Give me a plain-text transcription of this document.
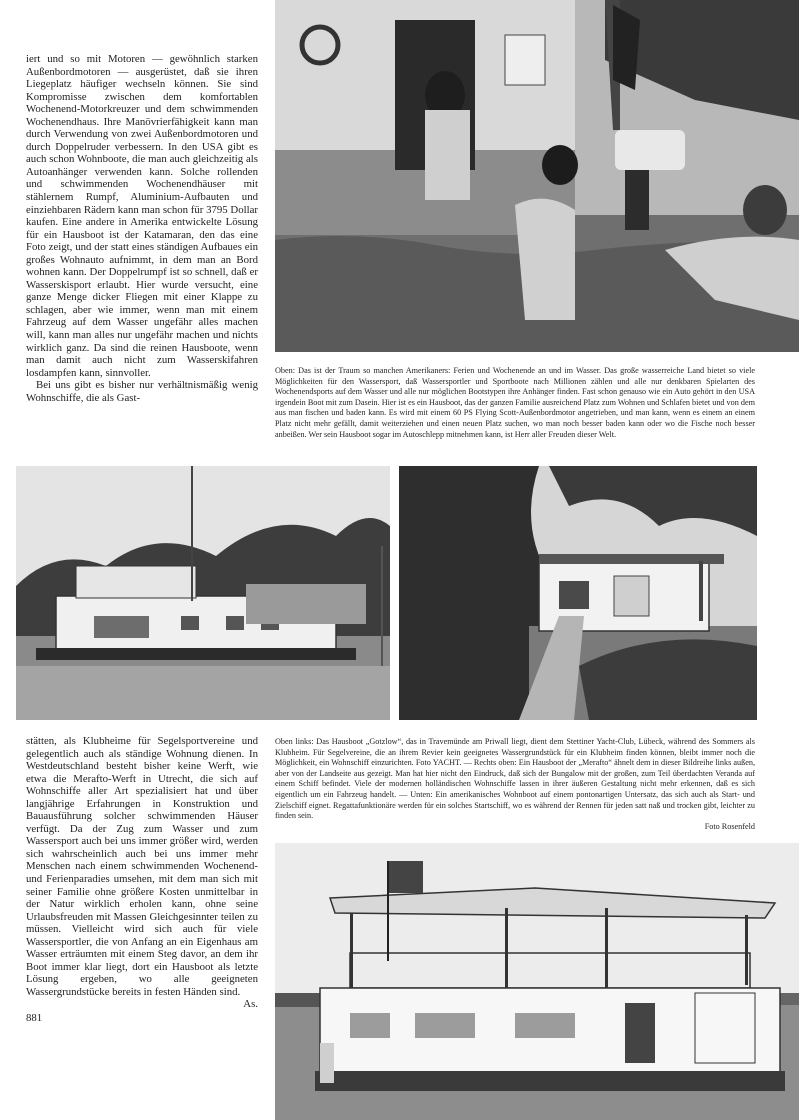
iert und so mit Motoren — gewöhnlich starken Außenbordmotoren — ausgerüstet, daß sie ihren Liegeplatz häufiger wechseln können. Sie sind Kompromisse zwischen dem komfortablen Wochenend-Motorkreuzer und dem schwimmenden Wochenendhaus. Ihre Manövrierfähigkeit kann man durch Verwendung von zwei Außenbordmotoren und durch Doppelruder verbessern. In den USA gibt es auch schon Wohnboote, die man auch gleichzeitig als Autoanhänger verwenden kann. Solche rollenden und schwimmenden Wochenendhäuser mit stählernem Rumpf, Aluminium-Aufbauten und einziehbaren Rädern kann man schon für 3795 Dollar kaufen. Eine andere in Amerika entwickelte Lösung für ein Hausboot ist der Katamaran, den das eine Foto zeigt, und der statt eines ständigen Aufbaues ein großes Wohnauto aufnimmt, in dem man an Bord wohnen kann. Der Doppelrumpf ist so schnell, daß er Wasserskisport erlaubt. Hier wurde versucht, eine ganze Menge dicker Fliegen mit einer Klappe zu schlagen, aber wie immer, wenn man mit einem Fahrzeug auf dem Wasser ungefähr alles machen will, kann man alles nur ungefähr machen und nichts wirklich ganz. Da sind die reinen Hausboote, wenn man damit auch nicht zum Wasserskifahren losdampfen kann, sinnvoller.

Bei uns gibt es bisher nur verhältnismäßig wenig Wohnschiffe, die als Gast-

Oben: Das ist der Traum so manchen Amerikaners: Ferien und Wochenende an und im Wasser. Das große wasserreiche Land bietet so viele Möglichkeiten für den Wassersport, daß Wassersportler und Sportboote nach Millionen zählen und alle nur denkbaren Spielarten des Wochenendsports auf dem Wasser und alle nur möglichen Bootstypen ihre Anhänger finden. Fast schon genauso wie ein Auto gehört in den USA irgendein Boot mit zum Dasein. Hier ist es ein Hausboot, das der ganzen Familie ausreichend Platz zum Wohnen und Schlafen bietet und von dem aus man fischen und baden kann. Es wird mit einem 60 PS Flying Scott-Außenbordmotor angetrieben, und man kann, wenn es einem an einem Platz nicht mehr gefällt, damit weiterziehen und einen neuen Platz suchen, wo man noch besser baden kann oder wo die Fische noch besser anbeißen. Wer sein Hausboot sogar im Autoschlepp mitnehmen kann, ist Herr aller Freuden dieser Welt.

stätten, als Klubheime für Segelsportvereine und gelegentlich auch als ständige Wohnung dienen. In Westdeutschland besteht bisher keine Werft, wie etwa die Merafto-Werft in Utrecht, die sich auf Wohnschiffe aller Art spezialisiert hat und über langjährige Erfahrungen in Konstruktion und Bauausführung solcher schwimmenden Häuser verfügt. Da der Zug zum Wasser und zum Wassersport auch bei uns immer größer wird, werden sich wahrscheinlich auch bei uns immer mehr Menschen nach einem schwimmenden Wochenend- und Ferienparadies umsehen, mit dem man sich mit seiner Familie ohne größere Kosten unmittelbar in der Natur wirklich erholen kann, ohne seine Urlaubsfreuden mit Massen Gleichgesinnter teilen zu müssen. Vielleicht wird sich auch für viele Wassersportler, die von Anfang an ein Eigenhaus am Wasser erträumten mit einem Steg davor, an dem ihr Boot immer klar liegt, dort ein Hausboot als letzte Lösung ergeben, wo alle geeigneten Wassergrundstücke bereits in festen Händen sind.

As.

881

Oben links: Das Hausboot „Gotzlow“, das in Travemünde am Priwall liegt, dient dem Stettiner Yacht-Club, Lübeck, während des Sommers als Klubheim. Für Segelvereine, die an ihrem Revier kein geeignetes Wassergrundstück für ein Klubheim finden können, bleibt immer noch die Möglichkeit, ein Wohnschiff einzurichten. Foto YACHT. — Rechts oben: Ein Hausboot der „Merafto“ ähnelt dem in dieser Bildreihe links außen, aber von der Landseite aus gezeigt. Man hat hier nicht den Eindruck, daß sich der Bungalow mit der großen, zum Teil überdachten Veranda auf einem Schiff befindet. Viele der modernen holländischen Wohnschiffe lassen in ihrer äußeren Gestaltung nicht mehr erkennen, daß es sich eigentlich um ein Fahrzeug handelt. — Unten: Ein amerikanisches Wohnboot auf einem pontonartigen Untersatz, das sich auch als Start- und Zielschiff eignet. Regattafunktionäre werden für ein solches Startschiff, wo es während der Rennen für jeden satt naß und trocken gibt, leichter zu finden sein.

Foto Rosenfeld
